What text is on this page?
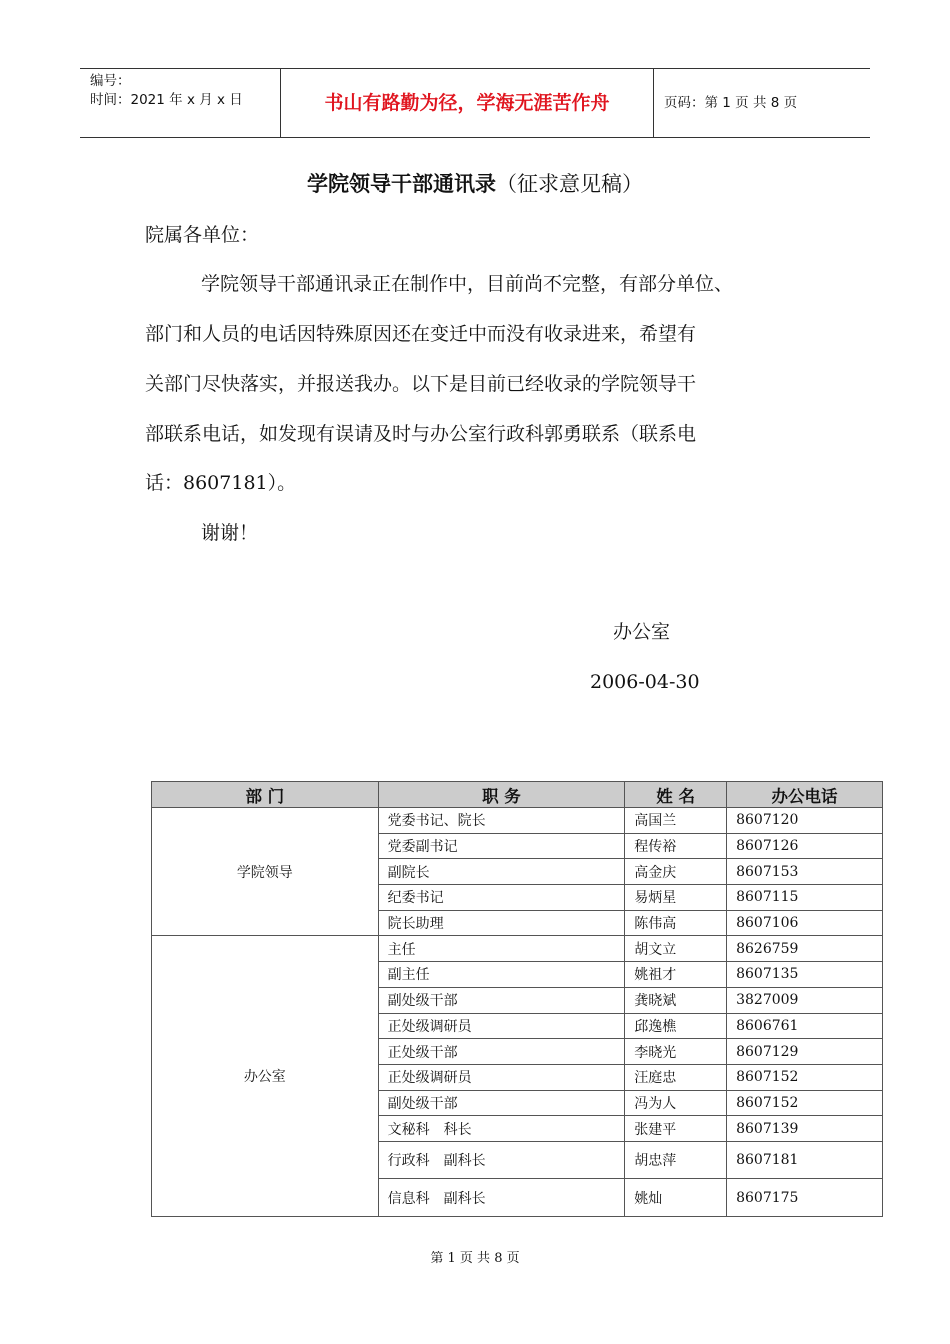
编号：
时间：2021 年 x 月 x 日	书山有路勤为径，学海无涯苦作舟	页码：第 1 页 共 8 页
学院领导干部通讯录（征求意见稿）
院属各单位：
学院领导干部通讯录正在制作中，目前尚不完整，有部分单位、
部门和人员的电话因特殊原因还在变迁中而没有收录进来，希望有
关部门尽快落实，并报送我办。以下是目前已经收录的学院领导干
部联系电话，如发现有误请及时与办公室行政科郭勇联系（联系电
话：8607181）。
谢谢！
办公室
2006-04-30
部 门	职 务	姓 名	办公电话
学院领导	党委书记、院长	高国兰	8607120
	党委副书记	程传裕	8607126
	副院长	高金庆	8607153
	纪委书记	易炳星	8607115
	院长助理	陈伟高	8607106
办公室	主任	胡文立	8626759
	副主任	姚祖才	8607135
	副处级干部	龚晓斌	3827009
	正处级调研员	邱逸樵	8606761
	正处级干部	李晓光	8607129
	正处级调研员	汪庭忠	8607152
	副处级干部	冯为人	8607152
	文秘科　科长	张建平	8607139
	行政科　副科长	胡忠萍	8607181
	信息科　副科长	姚灿	8607175
第 1 页 共 8 页
